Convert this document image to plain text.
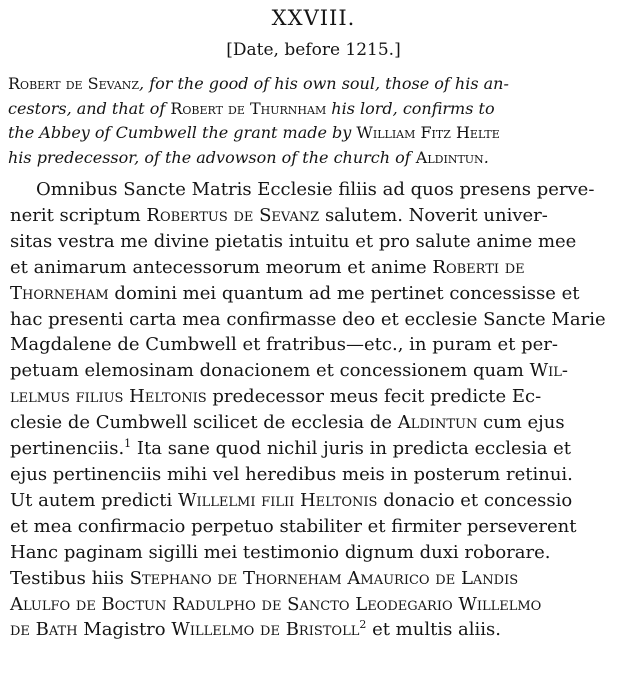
XXVIII.
[Date, before 1215.]
Robert de Sevanz, for the good of his own soul, those of his an-
cestors, and that of Robert de Thurnham his lord, confirms to
the Abbey of Cumbwell the grant made by William Fitz Helte
his predecessor, of the advowson of the church of Aldintun.
Omnibus Sancte Matris Ecclesie filiis ad quos presens perve-
nerit scriptum Robertus de Sevanz salutem. Noverit univer-
sitas vestra me divine pietatis intuitu et pro salute anime mee
et animarum antecessorum meorum et anime Roberti de
Thorneham domini mei quantum ad me pertinet concessisse et
hac presenti carta mea confirmasse deo et ecclesie Sancte Marie
Magdalene de Cumbwell et fratribus—etc., in puram et per-
petuam elemosinam donacionem et concessionem quam Wil-
lelmus filius Heltonis predecessor meus fecit predicte Ec-
clesie de Cumbwell scilicet de ecclesia de Aldintun cum ejus
pertinenciis.$^1$ Ita sane quod nichil juris in predicta ecclesia et
ejus pertinenciis mihi vel heredibus meis in posterum retinui.
Ut autem predicti Willelmi filii Heltonis donacio et concessio
et mea confirmacio perpetuo stabiliter et firmiter perseverent
Hanc paginam sigilli mei testimonio dignum duxi roborare.
Testibus hiis Stephano de Thorneham Amaurico de Landis
Alulfo de Boctun Radulpho de Sancto Leodegario Willelmo
de Bath Magistro Willelmo de Bristoll$^2$ et multis aliis.
